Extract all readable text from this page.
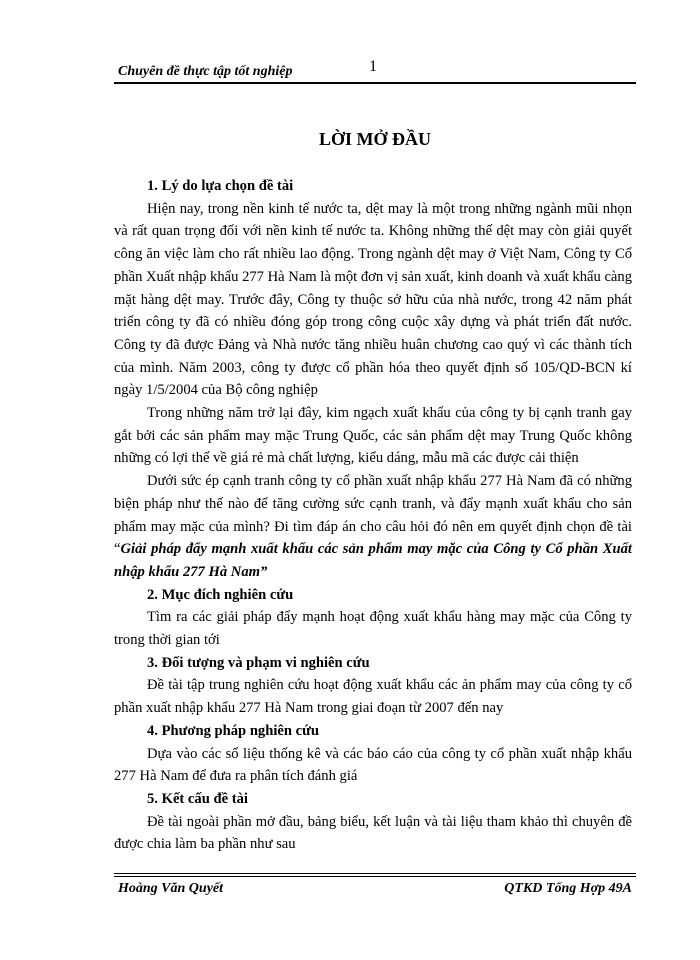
Chuyên đề thực tập tốt nghiệp	1
LỜI MỞ ĐẦU

1. Lý do lựa chọn đề tài

Hiện nay, trong nền kinh tế nước ta, dệt may là một trong những ngành mũi nhọn và rất quan trọng đối với nền kinh tế nước ta. Không những thế dệt may còn giải quyết công ăn việc làm cho rất nhiều lao động. Trong ngành dệt may ở Việt Nam, Công ty Cổ phần Xuất nhập khẩu 277 Hà Nam là một đơn vị sản xuất, kinh doanh và xuất khẩu càng mặt hàng dệt may. Trước đây, Công ty thuộc sở hữu của nhà nước, trong 42 năm phát triển công ty đã có nhiều đóng góp trong công cuộc xây dựng và phát triển đất nước. Công ty đã được Đảng và Nhà nước tăng nhiều huân chương cao quý vì các thành tích của mình. Năm 2003, công ty được cổ phần hóa theo quyết định số 105/QD-BCN kí ngày 1/5/2004 của Bộ công nghiệp

Trong những năm trở lại đây, kim ngạch xuất khẩu của công ty bị cạnh tranh gay gắt bởi các sản phẩm may mặc Trung Quốc, các sản phẩm dệt may Trung Quốc không những có lợi thế về giá rẻ mà chất lượng, kiểu dáng, mẫu mã các được cải thiện

Dưới sức ép cạnh tranh công ty cổ phần xuất nhập khẩu 277 Hà Nam đã có những biện pháp như thế nào để tăng cường sức cạnh tranh, và đẩy mạnh xuất khẩu cho sản phẩm may mặc của mình? Đi tìm đáp án cho câu hỏi đó nên em quyết định chọn đề tài “Giải pháp đẩy mạnh xuất khẩu các sản phẩm may mặc của Công ty Cổ phần Xuất nhập khẩu 277 Hà Nam”

2. Mục đích nghiên cứu

Tìm ra các giải pháp đẩy mạnh hoạt động xuất khẩu hàng may mặc của Công ty trong thời gian tới

3. Đối tượng và phạm vi nghiên cứu

Đề tài tập trung nghiên cứu hoạt động xuất khẩu các ản phẩm may của công ty cổ phần xuất nhập khẩu 277 Hà Nam trong giai đoạn từ 2007 đến nay

4. Phương pháp nghiên cứu

Dựa vào các số liệu thống kê và các báo cáo của công ty cổ phần xuất nhập khẩu 277 Hà Nam để đưa ra phân tích đánh giá

5. Kết cấu đề tài

Đề tài ngoài phần mở đầu, bảng biểu, kết luận và tài liệu tham khảo thì chuyên đề được chia làm ba phần như sau

Hoàng Văn Quyết	QTKD Tổng Hợp 49A
